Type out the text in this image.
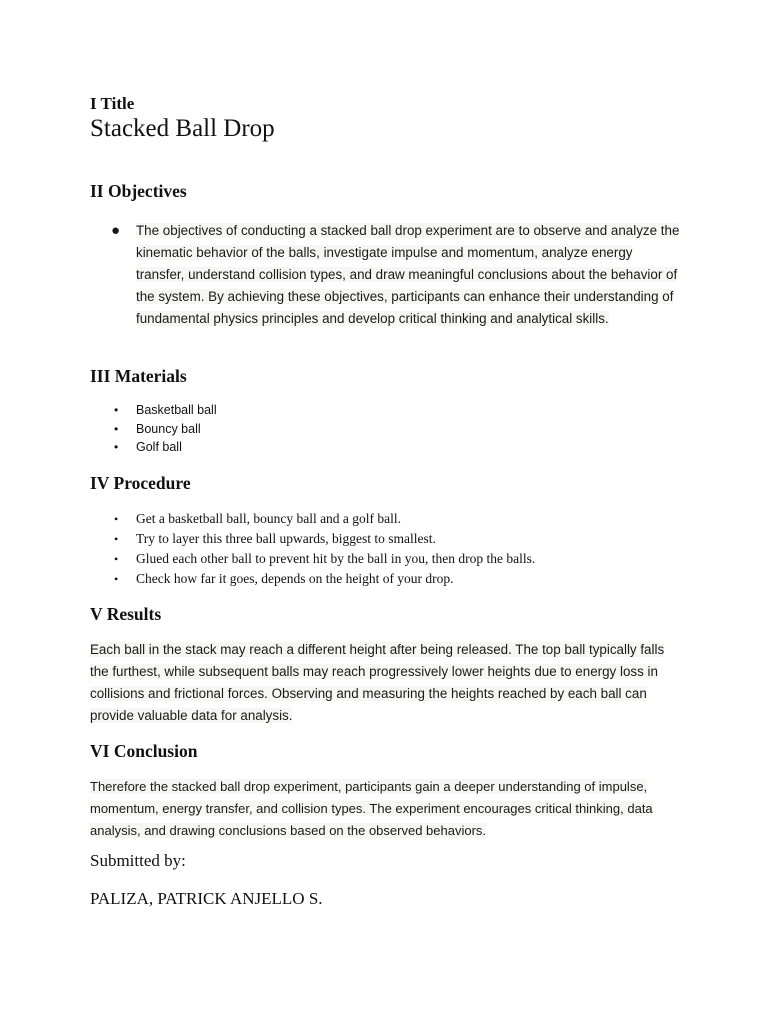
I Title
Stacked Ball Drop
II Objectives
● The objectives of conducting a stacked ball drop experiment are to observe and analyze the kinematic behavior of the balls, investigate impulse and momentum, analyze energy transfer, understand collision types, and draw meaningful conclusions about the behavior of the system. By achieving these objectives, participants can enhance their understanding of fundamental physics principles and develop critical thinking and analytical skills.
III Materials
• Basketball ball
• Bouncy ball
• Golf ball
IV Procedure
• Get a basketball ball, bouncy ball and a golf ball.
• Try to layer this three ball upwards, biggest to smallest.
• Glued each other ball to prevent hit by the ball in you, then drop the balls.
• Check how far it goes, depends on the height of your drop.
V Results

Each ball in the stack may reach a different height after being released. The top ball typically falls the furthest, while subsequent balls may reach progressively lower heights due to energy loss in collisions and frictional forces. Observing and measuring the heights reached by each ball can provide valuable data for analysis.

VI Conclusion

Therefore the stacked ball drop experiment, participants gain a deeper understanding of impulse, momentum, energy transfer, and collision types. The experiment encourages critical thinking, data analysis, and drawing conclusions based on the observed behaviors.

Submitted by:
PALIZA, PATRICK ANJELLO S.
